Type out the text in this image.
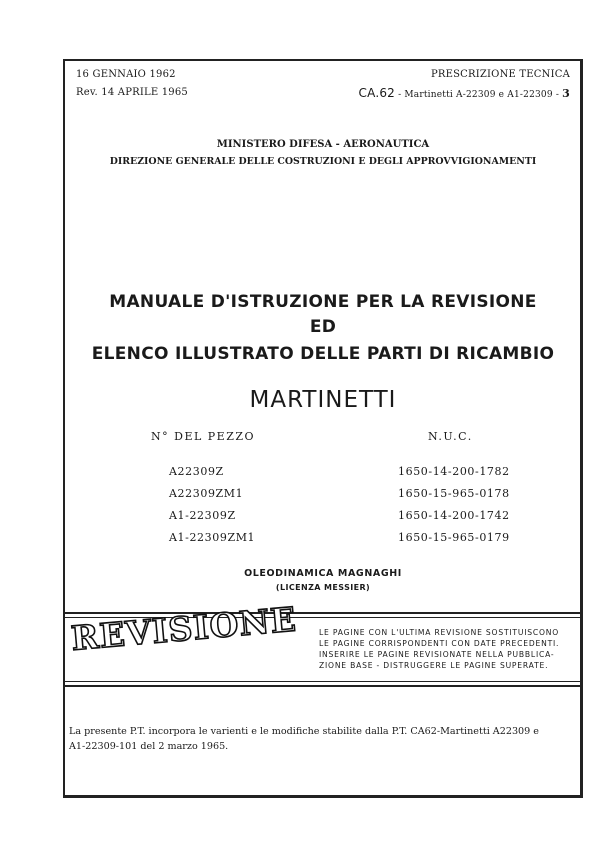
16 GENNAIO 1962	PRESCRIZIONE TECNICA
Rev. 14 APRILE 1965	CA.62 - Martinetti A-22309 e A1-22309 - 3
MINISTERO DIFESA - AERONAUTICA
DIREZIONE GENERALE DELLE COSTRUZIONI E DEGLI APPROVVIGIONAMENTI
MANUALE D'ISTRUZIONE PER LA REVISIONE
ED
ELENCO ILLUSTRATO DELLE PARTI DI RICAMBIO
MARTINETTI
N° DEL PEZZO	N.U.C.
A22309Z	1650-14-200-1782
A22309ZM1	1650-15-965-0178
A1-22309Z	1650-14-200-1742
A1-22309ZM1	1650-15-965-0179
OLEODINAMICA MAGNAGHI
(LICENZA MESSIER)
REVISIONE	LE PAGINE CON L'ULTIMA REVISIONE SOSTITUISCONO
LE PAGINE CORRISPONDENTI CON DATE PRECEDENTI.
INSERIRE LE PAGINE REVISIONATE NELLA PUBBLICA-
ZIONE BASE - DISTRUGGERE LE PAGINE SUPERATE.
La presente P.T. incorpora le varienti e le modifiche stabilite dalla P.T. CA62-Martinetti A22309 e
A1-22309-101 del 2 marzo 1965.
